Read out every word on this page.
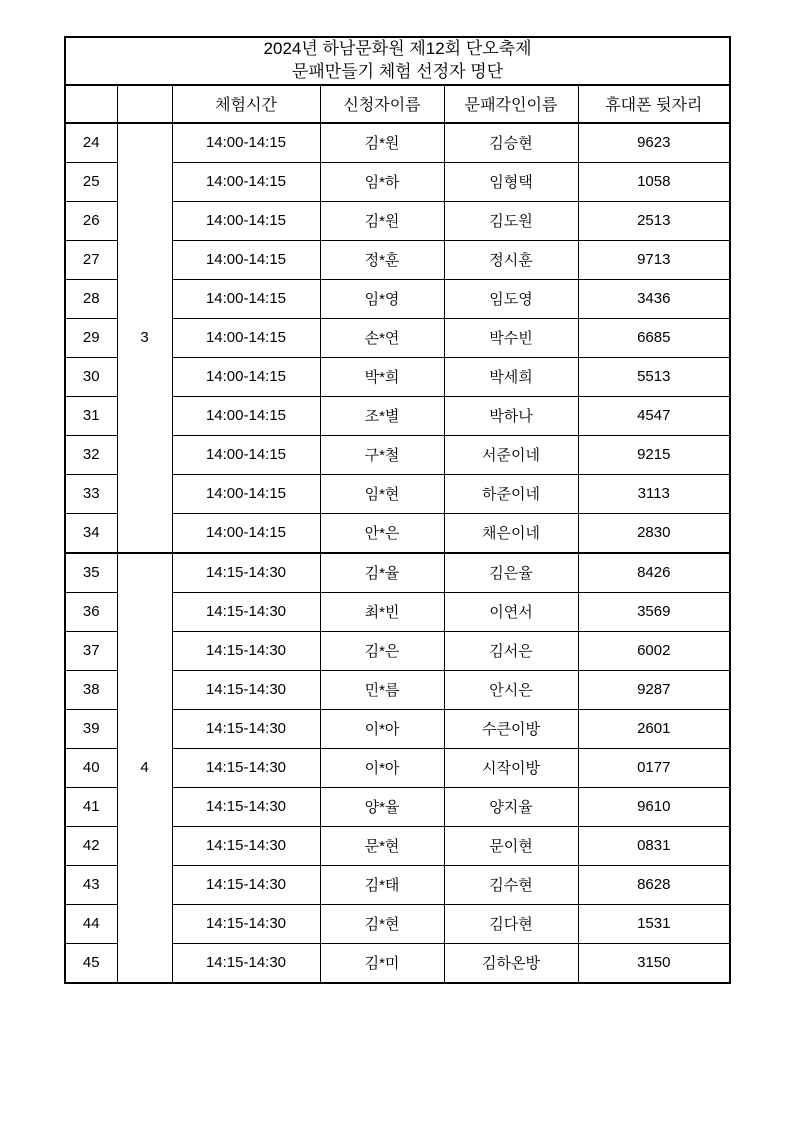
2024년 하남문화원 제12회 단오축제
문패만들기 체험 선정자 명단					

		체험시간	신청자이름	문패각인이름	휴대폰 뒷자리
24	3	14:00-14:15	김*원	김승현	9623
25		14:00-14:15	임*하	임형택	1058
26		14:00-14:15	김*원	김도원	2513
27		14:00-14:15	정*훈	정시훈	9713
28		14:00-14:15	임*영	임도영	3436
29		14:00-14:15	손*연	박수빈	6685
30		14:00-14:15	박*희	박세희	5513
31		14:00-14:15	조*별	박하나	4547
32		14:00-14:15	구*철	서준이네	9215
33		14:00-14:15	임*현	하준이네	3113
34		14:00-14:15	안*은	채은이네	2830
35	4	14:15-14:30	김*율	김은율	8426
36		14:15-14:30	최*빈	이연서	3569
37		14:15-14:30	김*은	김서은	6002
38		14:15-14:30	민*름	안시은	9287
39		14:15-14:30	이*아	수큰이방	2601
40		14:15-14:30	이*아	시작이방	0177
41		14:15-14:30	양*율	양지율	9610
42		14:15-14:30	문*현	문이현	0831
43		14:15-14:30	김*태	김수현	8628
44		14:15-14:30	김*현	김다현	1531
45		14:15-14:30	김*미	김하온방	3150
